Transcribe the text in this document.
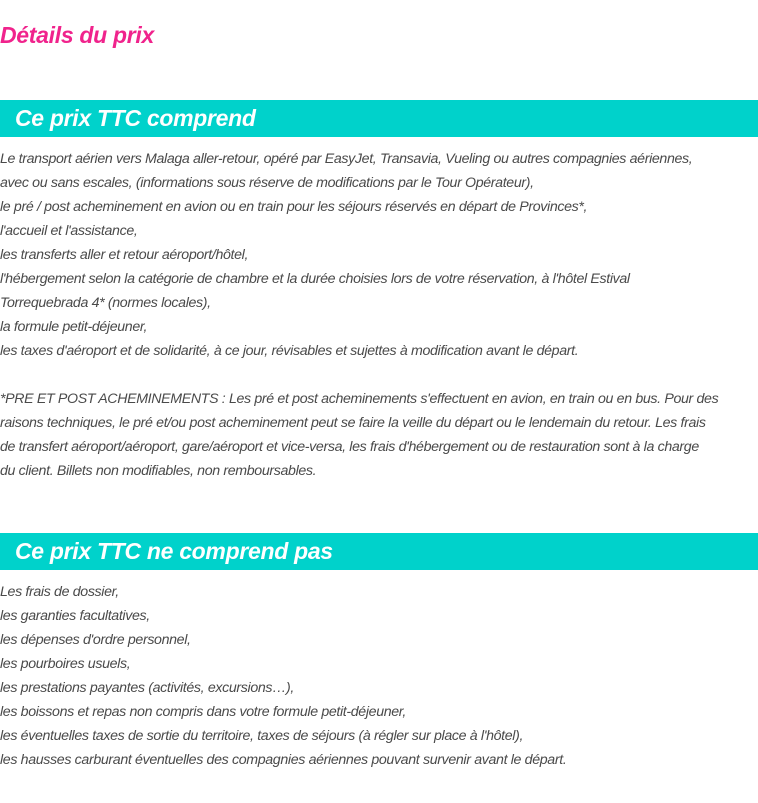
Détails du prix
Ce prix TTC comprend
Le transport aérien vers Malaga aller-retour, opéré par EasyJet, Transavia, Vueling ou autres compagnies aériennes,
avec ou sans escales, (informations sous réserve de modifications par le Tour Opérateur),
le pré / post acheminement en avion ou en train pour les séjours réservés en départ de Provinces*,
l'accueil et l'assistance,
les transferts aller et retour aéroport/hôtel,
l'hébergement selon la catégorie de chambre et la durée choisies lors de votre réservation, à l'hôtel Estival
Torrequebrada 4* (normes locales),
la formule petit-déjeuner,
les taxes d'aéroport et de solidarité, à ce jour, révisables et sujettes à modification avant le départ.
*PRE ET POST ACHEMINEMENTS : Les pré et post acheminements s'effectuent en avion, en train ou en bus. Pour des
raisons techniques, le pré et/ou post acheminement peut se faire la veille du départ ou le lendemain du retour. Les frais
de transfert aéroport/aéroport, gare/aéroport et vice-versa, les frais d'hébergement ou de restauration sont à la charge
du client. Billets non modifiables, non remboursables.
Ce prix TTC ne comprend pas
Les frais de dossier,
les garanties facultatives,
les dépenses d'ordre personnel,
les pourboires usuels,
les prestations payantes (activités, excursions…),
les boissons et repas non compris dans votre formule petit-déjeuner,
les éventuelles taxes de sortie du territoire, taxes de séjours (à régler sur place à l'hôtel),
les hausses carburant éventuelles des compagnies aériennes pouvant survenir avant le départ.
